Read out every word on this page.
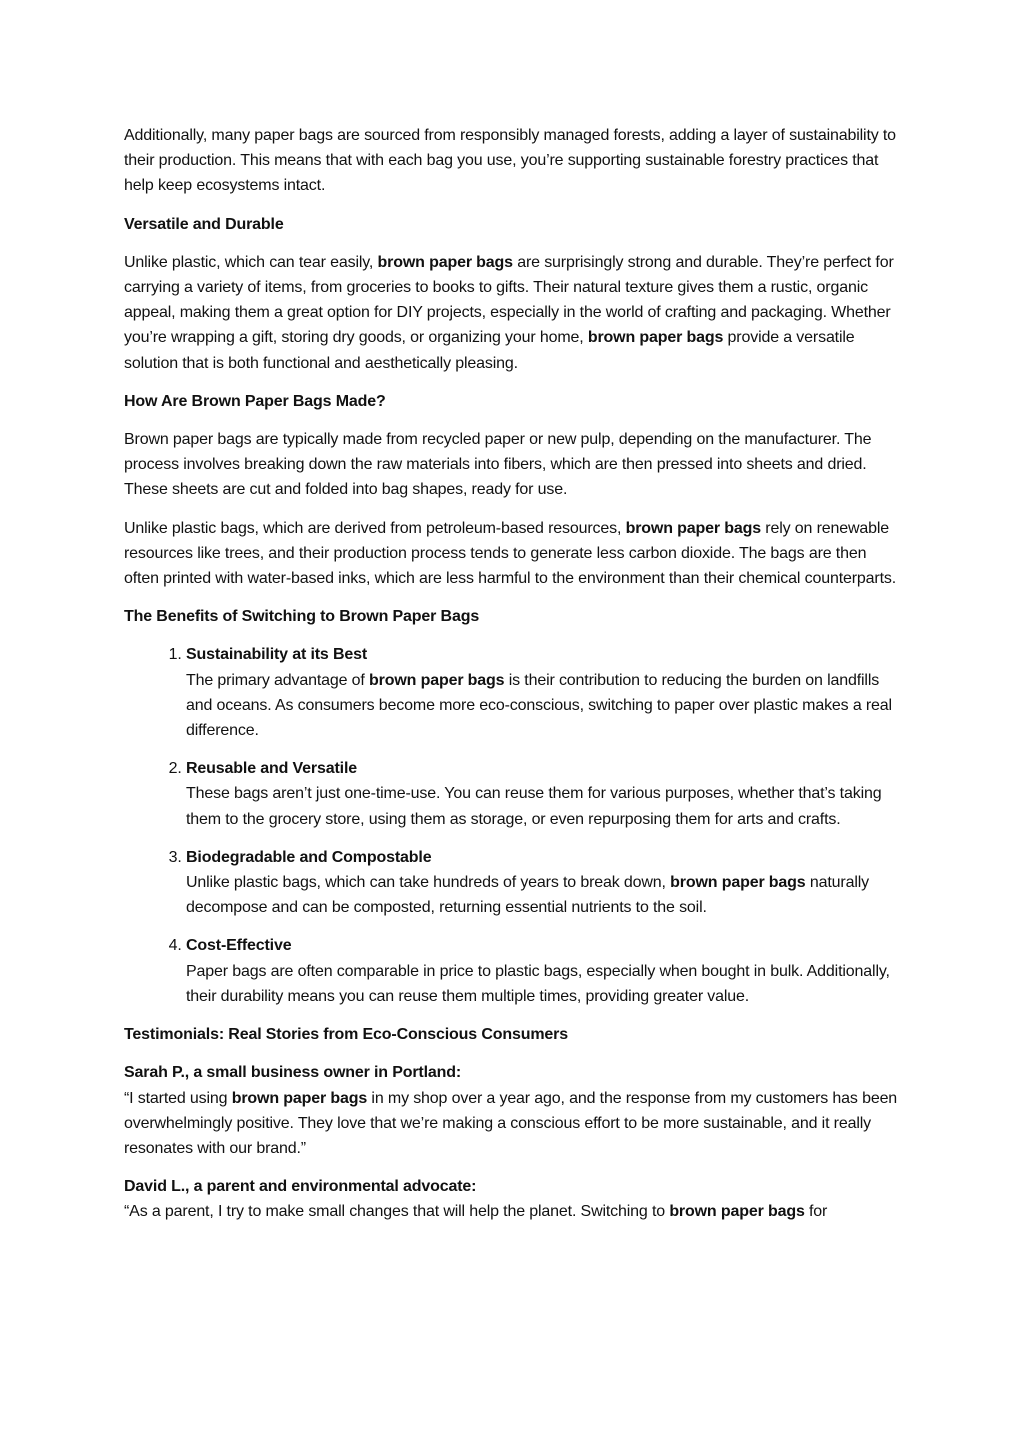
Additionally, many paper bags are sourced from responsibly managed forests, adding a layer of sustainability to their production. This means that with each bag you use, you’re supporting sustainable forestry practices that help keep ecosystems intact.

Versatile and Durable

Unlike plastic, which can tear easily, brown paper bags are surprisingly strong and durable. They’re perfect for carrying a variety of items, from groceries to books to gifts. Their natural texture gives them a rustic, organic appeal, making them a great option for DIY projects, especially in the world of crafting and packaging. Whether you’re wrapping a gift, storing dry goods, or organizing your home, brown paper bags provide a versatile solution that is both functional and aesthetically pleasing.

How Are Brown Paper Bags Made?

Brown paper bags are typically made from recycled paper or new pulp, depending on the manufacturer. The process involves breaking down the raw materials into fibers, which are then pressed into sheets and dried. These sheets are cut and folded into bag shapes, ready for use.

Unlike plastic bags, which are derived from petroleum-based resources, brown paper bags rely on renewable resources like trees, and their production process tends to generate less carbon dioxide. The bags are then often printed with water-based inks, which are less harmful to the environment than their chemical counterparts.

The Benefits of Switching to Brown Paper Bags
1. Sustainability at its Best
The primary advantage of brown paper bags is their contribution to reducing the burden on landfills and oceans. As consumers become more eco-conscious, switching to paper over plastic makes a real difference.
2. Reusable and Versatile
These bags aren’t just one-time-use. You can reuse them for various purposes, whether that’s taking them to the grocery store, using them as storage, or even repurposing them for arts and crafts.
3. Biodegradable and Compostable
Unlike plastic bags, which can take hundreds of years to break down, brown paper bags naturally decompose and can be composted, returning essential nutrients to the soil.
4. Cost-Effective
Paper bags are often comparable in price to plastic bags, especially when bought in bulk. Additionally, their durability means you can reuse them multiple times, providing greater value.
Testimonials: Real Stories from Eco-Conscious Consumers

Sarah P., a small business owner in Portland:
“I started using brown paper bags in my shop over a year ago, and the response from my customers has been overwhelmingly positive. They love that we’re making a conscious effort to be more sustainable, and it really resonates with our brand.”

David L., a parent and environmental advocate:
“As a parent, I try to make small changes that will help the planet. Switching to brown paper bags for
